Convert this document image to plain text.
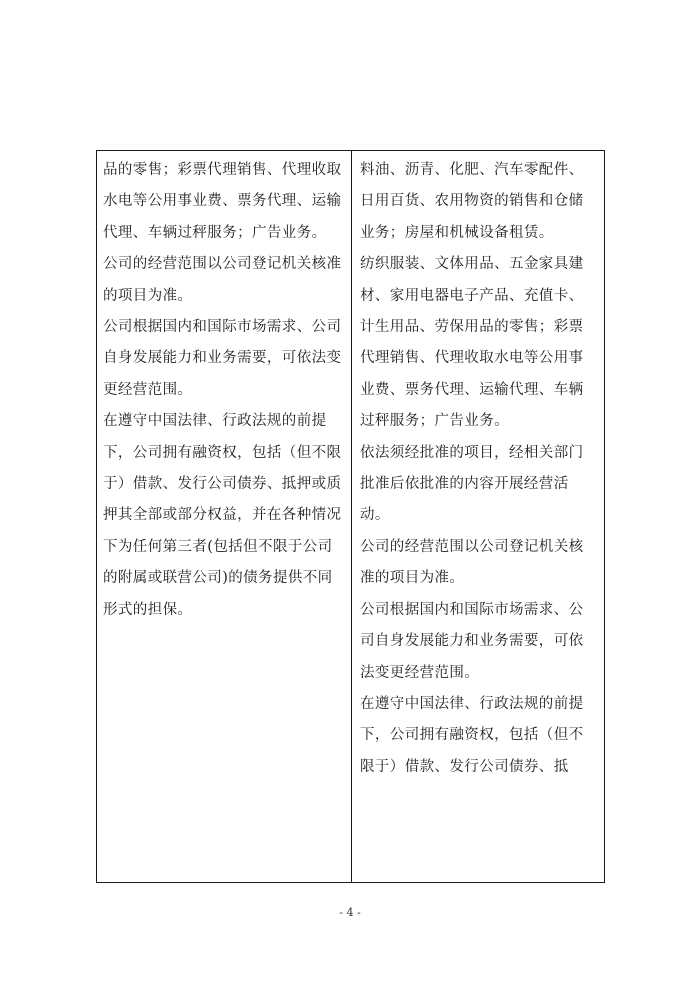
品的零售；彩票代理销售、代理收取水电等公用事业费、票务代理、运输代理、车辆过秤服务；广告业务。

公司的经营范围以公司登记机关核准的项目为准。

公司根据国内和国际市场需求、公司自身发展能力和业务需要，可依法变更经营范围。

在遵守中国法律、行政法规的前提下，公司拥有融资权，包括（但不限于）借款、发行公司债券、抵押或质押其全部或部分权益，并在各种情况下为任何第三者(包括但不限于公司的附属或联营公司)的债务提供不同形式的担保。

料油、沥青、化肥、汽车零配件、日用百货、农用物资的销售和仓储业务；房屋和机械设备租赁。

纺织服装、文体用品、五金家具建材、家用电器电子产品、充值卡、计生用品、劳保用品的零售；彩票代理销售、代理收取水电等公用事业费、票务代理、运输代理、车辆过秤服务；广告业务。

依法须经批准的项目，经相关部门批准后依批准的内容开展经营活动。

公司的经营范围以公司登记机关核准的项目为准。

公司根据国内和国际市场需求、公司自身发展能力和业务需要，可依法变更经营范围。

在遵守中国法律、行政法规的前提下，公司拥有融资权，包括（但不限于）借款、发行公司债券、抵

- 4 -
